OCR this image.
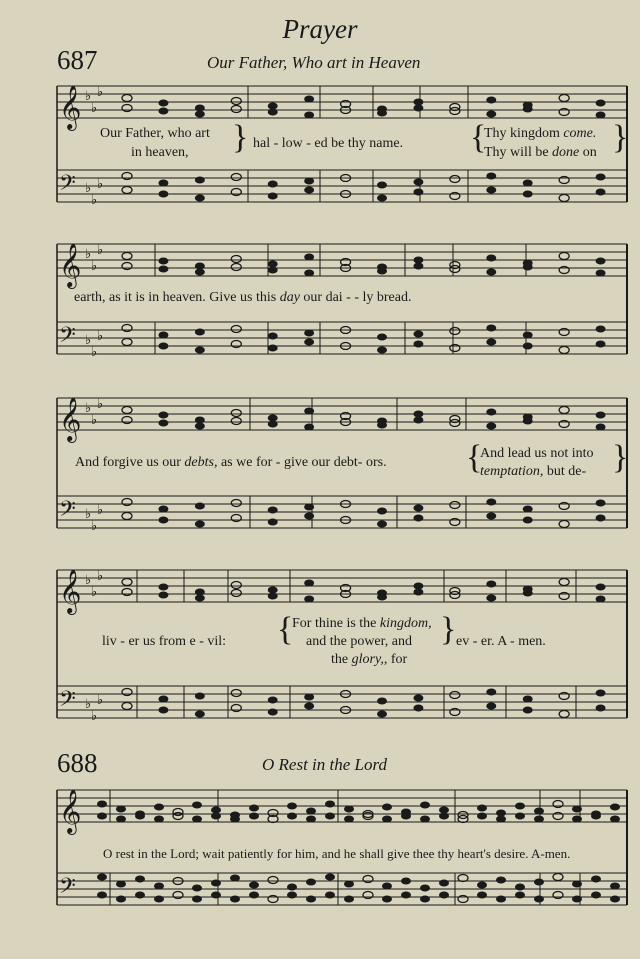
Prayer
687	Our Father, Who art in Heaven
688	O Rest in the Lord
𝄞
𝄢
♭
♭
♭
♭
♭
♭
𝄞
𝄢
♭
♭
♭
♭
♭
♭
𝄞
𝄢
♭
♭
♭
♭
♭
♭
𝄞
𝄢
♭
♭
♭
♭
♭
♭
𝄞
𝄢
Our Father, who art
in heaven, } hal - low - ed be thy name. {
Thy kingdom come.
Thy will be done on }
earth, as it is in heaven. Give us this day our dai - - ly bread.
And forgive us our debts, as we for - give our debt- ors. {
And lead us not into
temptation, but de- }
liv - er us from e - vil: {
For thine is the kingdom,
and the power, and
the glory,, for
} ev - er. A - men.
O rest in the Lord; wait patiently for him, and he shall give thee thy heart's desire. A-men.
